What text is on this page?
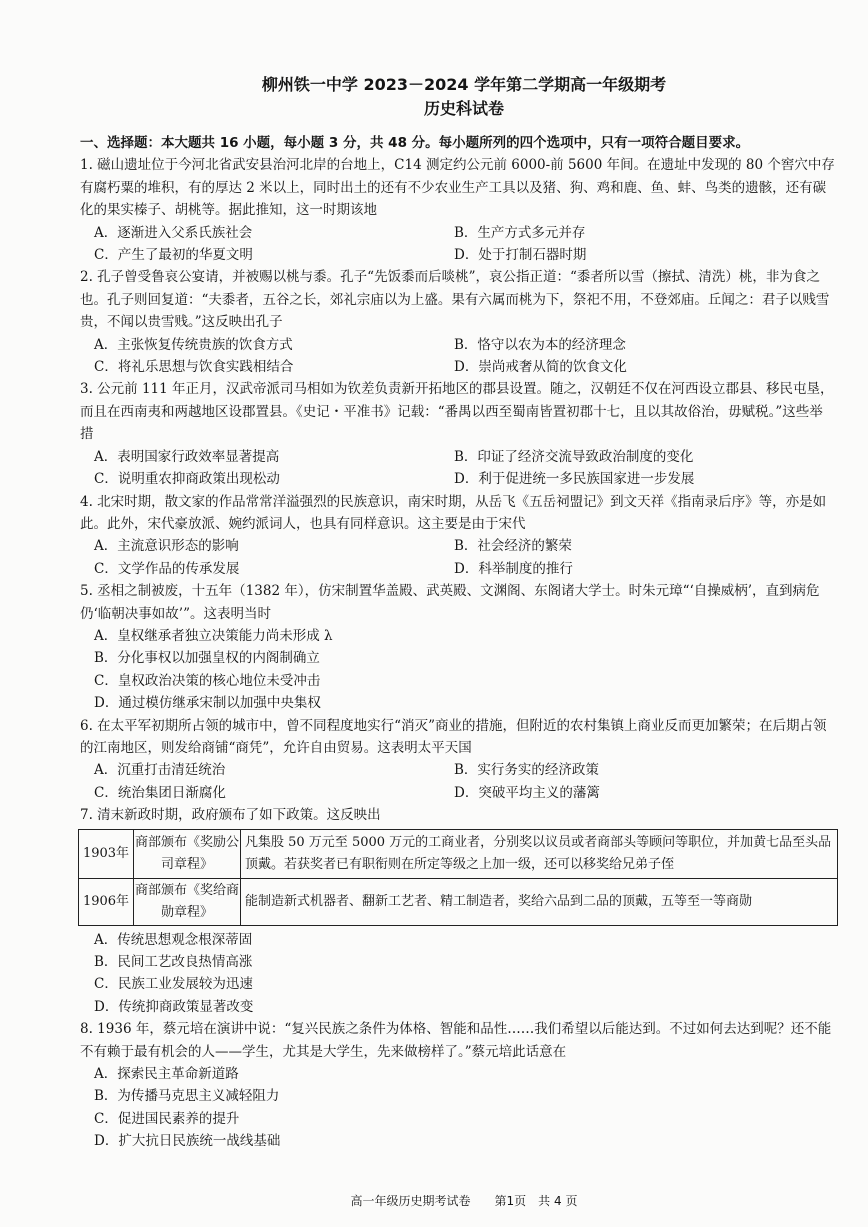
柳州铁一中学 2023－2024 学年第二学期高一年级期考
历史科试卷
一、选择题：本大题共 16 小题，每小题 3 分，共 48 分。每小题所列的四个选项中，只有一项符合题目要求。

1. 磁山遗址位于今河北省武安县治河北岸的台地上，C14 测定约公元前 6000-前 5600 年间。在遗址中发现的 80 个窖穴中存有腐朽粟的堆积，有的厚达 2 米以上，同时出土的还有不少农业生产工具以及猪、狗、鸡和鹿、鱼、蚌、鸟类的遗骸，还有碳化的果实榛子、胡桃等。据此推知，这一时期该地

A．逐渐进入父系氏族社会	B．生产方式多元并存
C．产生了最初的华夏文明	D．处于打制石器时期

2. 孔子曾受鲁哀公宴请，并被赐以桃与黍。孔子“先饭黍而后啖桃”，哀公指正道：“黍者所以雪（擦拭、清洗）桃，非为食之也。孔子则回复道：“夫黍者，五谷之长，郊礼宗庙以为上盛。果有六属而桃为下，祭祀不用，不登郊庙。丘闻之：君子以贱雪贵，不闻以贵雪贱。”这反映出孔子

A．主张恢复传统贵族的饮食方式	B．恪守以农为本的经济理念
C．将礼乐思想与饮食实践相结合	D．崇尚戒奢从简的饮食文化

3. 公元前 111 年正月，汉武帝派司马相如为钦差负责新开拓地区的郡县设置。随之，汉朝廷不仅在河西设立郡县、移民屯垦，而且在西南夷和两越地区设郡置县。《史记・平准书》记载：“番禺以西至蜀南皆置初郡十七，且以其故俗治，毋赋税。”这些举措

A．表明国家行政效率显著提高	B．印证了经济交流导致政治制度的变化
C．说明重农抑商政策出现松动	D．利于促进统一多民族国家进一步发展

4. 北宋时期，散文家的作品常常洋溢强烈的民族意识，南宋时期，从岳飞《五岳祠盟记》到文天祥《指南录后序》等，亦是如此。此外，宋代豪放派、婉约派词人，也具有同样意识。这主要是由于宋代

A．主流意识形态的影响	B．社会经济的繁荣
C．文学作品的传承发展	D．科举制度的推行

5. 丞相之制被废，十五年（1382 年），仿宋制置华盖殿、武英殿、文渊阁、东阁诸大学士。时朱元璋“‘自操威柄’，直到病危仍‘临朝决事如故’”。这表明当时

A．皇权继承者独立决策能力尚未形成 λ
B．分化事权以加强皇权的内阁制确立
C．皇权政治决策的核心地位未受冲击
D．通过模仿继承宋制以加强中央集权

6. 在太平军初期所占领的城市中，曾不同程度地实行“消灭”商业的措施，但附近的农村集镇上商业反而更加繁荣；在后期占领的江南地区，则发给商铺“商凭”，允许自由贸易。这表明太平天国

A．沉重打击清廷统治	B．实行务实的经济政策
C．统治集团日渐腐化	D．突破平均主义的藩篱

7. 清末新政时期，政府颁布了如下政策。这反映出

1903年	商部颁布《奖励公司章程》	凡集股 50 万元至 5000 万元的工商业者，分别奖以议员或者商部头等顾问等职位，并加黄七品至头品顶戴。若获奖者已有职衔则在所定等级之上加一级，还可以移奖给兄弟子侄
1906年	商部颁布《奖给商勋章程》	能制造新式机器者、翻新工艺者、精工制造者，奖给六品到二品的顶戴，五等至一等商勋
A．传统思想观念根深蒂固
B．民间工艺改良热情高涨
C．民族工业发展较为迅速
D．传统抑商政策显著改变

8. 1936 年，蔡元培在演讲中说：“复兴民族之条件为体格、智能和品性……我们希望以后能达到。不过如何去达到呢？还不能不有赖于最有机会的人——学生，尤其是大学生，先来做榜样了。”蔡元培此话意在

A．探索民主革命新道路
B．为传播马克思主义减轻阻力
C．促进国民素养的提升
D．扩大抗日民族统一战线基础
高一年级历史期考试卷　　第1页　共 4 页
